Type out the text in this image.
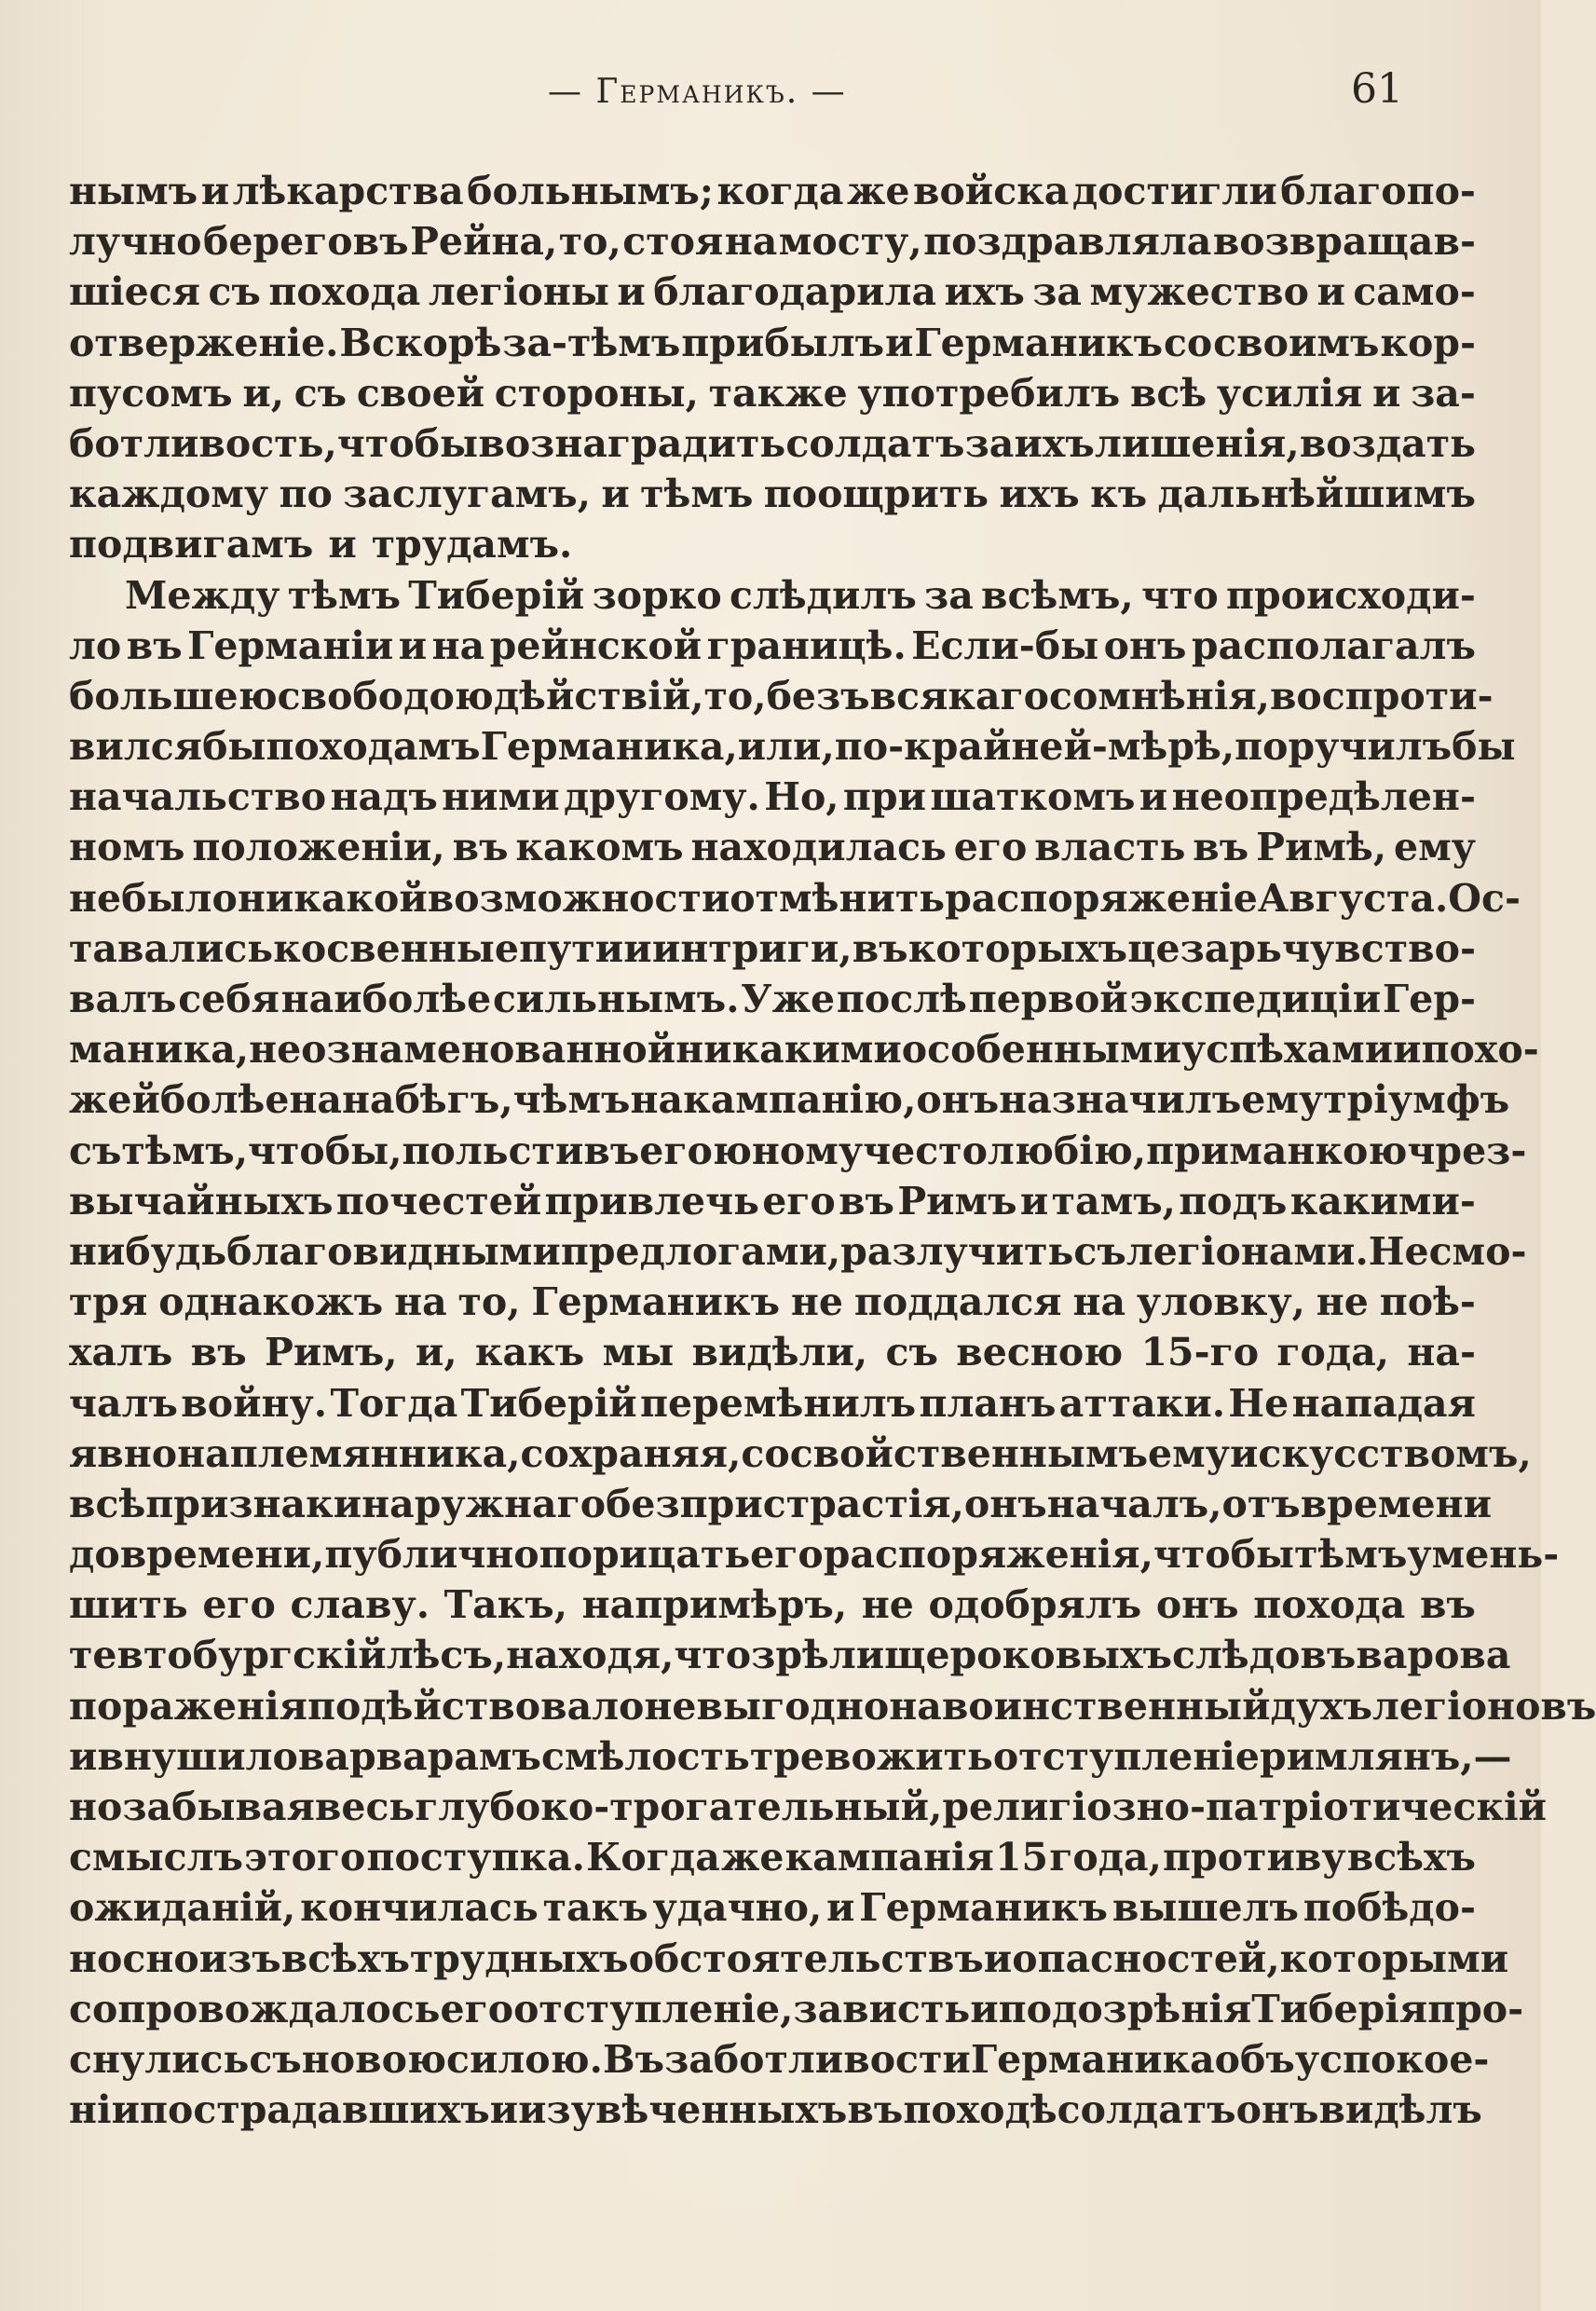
— Германикъ. —	61
нымъ и лѣкарства больнымъ; когда же войска достигли благопо-
лучно береговъ Рейна, то, стоя на мосту, поздравляла возвращав-
шіеся съ похода легіоны и благодарила ихъ за мужество и само-
отверженіе. Вскорѣ за-тѣмъ прибылъ и Германикъ со своимъ кор-
пусомъ и, съ своей стороны, также употребилъ всѣ усилія и за-
ботливость, чтобы вознаградить солдатъ за ихъ лишенія, воздать
каждому по заслугамъ, и тѣмъ поощрить ихъ къ дальнѣйшимъ
подвигамъ и трудамъ.
Между тѣмъ Тиберій зорко слѣдилъ за всѣмъ, что происходи-
ло въ Германіи и на рейнской границѣ. Если-бы онъ располагалъ
большею свободою дѣйствій, то, безъ всякаго сомнѣнія, воспроти-
вился бы походамъ Германика, или, по-крайней-мѣрѣ, поручилъ бы
начальство надъ ними другому. Но, при шаткомъ и неопредѣлен-
номъ положеніи, въ какомъ находилась его власть въ Римѣ, ему
не было никакой возможности отмѣнить распоряженіе Августа. Ос-
тавались косвенные пути и интриги, въ которыхъ цезарь чувство-
валъ себя наиболѣе сильнымъ. Уже послѣ первой экспедиціи Гер-
маника, не ознаменованной никакими особенными успѣхами и похо-
жей болѣе на набѣгъ, чѣмъ на кампанію, онъ назначилъ ему тріумфъ
съ тѣмъ, чтобы, польстивъ его юному честолюбію, приманкою чрез-
вычайныхъ почестей привлечь его въ Римъ и тамъ, подъ какими-
нибудь благовидными предлогами, разлучить съ легіонами. Не смо-
тря однакожъ на то, Германикъ не поддался на уловку, не поѣ-
халъ въ Римъ, и, какъ мы видѣли, съ весною 15-го года, на-
чалъ войну. Тогда Тиберій перемѣнилъ планъ аттаки. Не нападая
явно на племянника, сохраняя, со свойственнымъ ему искусствомъ,
всѣ признаки наружнаго безпристрастія, онъ началъ, отъ времени
до времени, публично порицать его распоряженія, чтобы тѣмъ умень-
шить его славу. Такъ, напримѣръ, не одобрялъ онъ похода въ
тевтобургскій лѣсъ, находя, что зрѣлище роковыхъ слѣдовъ варова
пораженія подѣйствовало невыгодно на воинственный духъ легіоновъ
и внушило варварамъ смѣлость тревожить отступленіе римлянъ,—
но забывая весь глубоко-трогательный, религіозно-патріотическій
смыслъ этого поступка. Когда же кампанія 15 года, противу всѣхъ
ожиданій, кончилась такъ удачно, и Германикъ вышелъ побѣдо-
носно изъ всѣхъ трудныхъ обстоятельствъ и опасностей, которыми
сопровождалось его отступленіе, зависть и подозрѣнія Тиберія про-
снулись съ новою силою. Въ заботливости Германика объ успокое-
ніи пострадавшихъ и изувѣченныхъ въ походѣ солдатъ онъ видѣлъ
